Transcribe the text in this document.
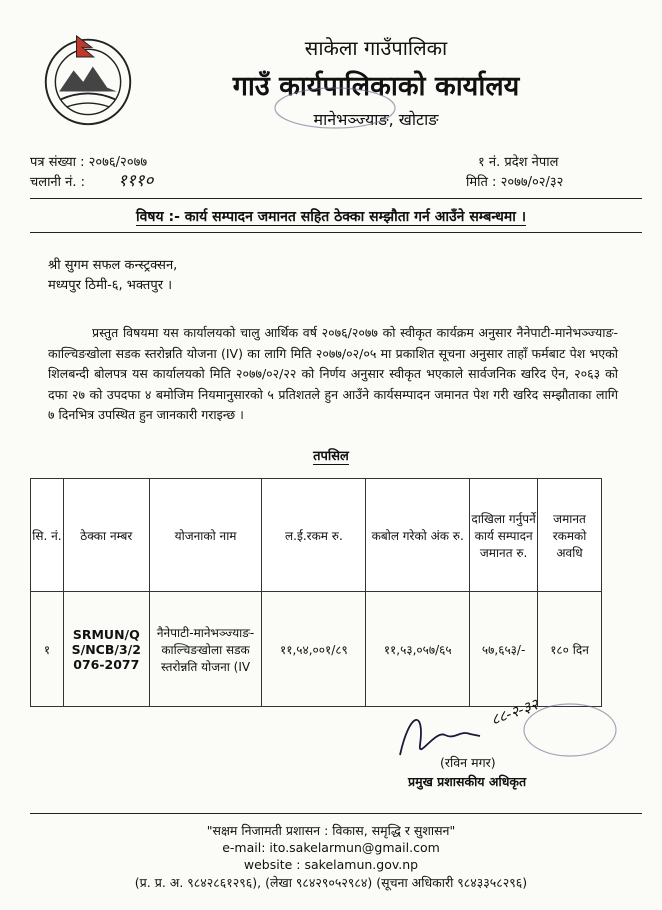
साकेला गाउँपालिका
गाउँ कार्यपालिकाको कार्यालय
मानेभञ्ज्याङ, खोटाङ
पत्र संख्या : २०७६/२०७७
चलानी नं. : १११०
१ नं. प्रदेश नेपाल
मिति : २०७७/०२/३२
विषय :- कार्य सम्पादन जमानत सहित ठेक्का सम्झौता गर्न आउँने सम्बन्धमा ।
श्री सुगम सफल कन्स्ट्रक्सन,
मध्यपुर ठिमी-६, भक्तपुर ।
प्रस्तुत विषयमा यस कार्यालयको चालु आर्थिक वर्ष २०७६/२०७७ को स्वीकृत कार्यक्रम अनुसार नैनेपाटी-मानेभञ्ज्याङ-काल्चिङखोला सडक स्तरोन्नति योजना (IV) का लागि मिति २०७७/०२/०५ मा प्रकाशित सूचना अनुसार ताहाँ फर्मबाट पेश भएको शिलबन्दी बोलपत्र यस कार्यालयको मिति २०७७/०२/२२ को निर्णय अनुसार स्वीकृत भएकाले सार्वजनिक खरिद ऐन, २०६३ को दफा २७ को उपदफा ४ बमोजिम नियमानुसारको ५ प्रतिशतले हुन आउँने कार्यसम्पादन जमानत पेश गरी खरिद सम्झौताका लागि ७ दिनभित्र उपस्थित हुन जानकारी गराइन्छ ।
तपसिल
सि. नं.	ठेक्का नम्बर	योजनाको नाम	ल.ई.रकम रु.	कबोल गरेको अंक रु.	दाखिला गर्नुपर्ने कार्य सम्पादन जमानत रु.	जमानत रकमको अवधि
१	SRMUN/QS/NCB/3/2076-2077	नैनेपाटी-मानेभञ्ज्याङ-काल्चिङखोला सडक स्तरोन्नति योजना (IV	११,५४,००१/८९	११,५३,०५७/६५	५७,६५३/-	१८० दिन
८८-२-३२
(रविन मगर)
प्रमुख प्रशासकीय अधिकृत
"सक्षम निजामती प्रशासन : विकास, समृद्धि र सुशासन"
e-mail: ito.sakelarmun@gmail.com
website : sakelamun.gov.np
(प्र. प्र. अ. ९८४२८६१२९६), (लेखा ९८४२९०५२९८४) (सूचना अधिकारी ९८४३३५८२९६)
